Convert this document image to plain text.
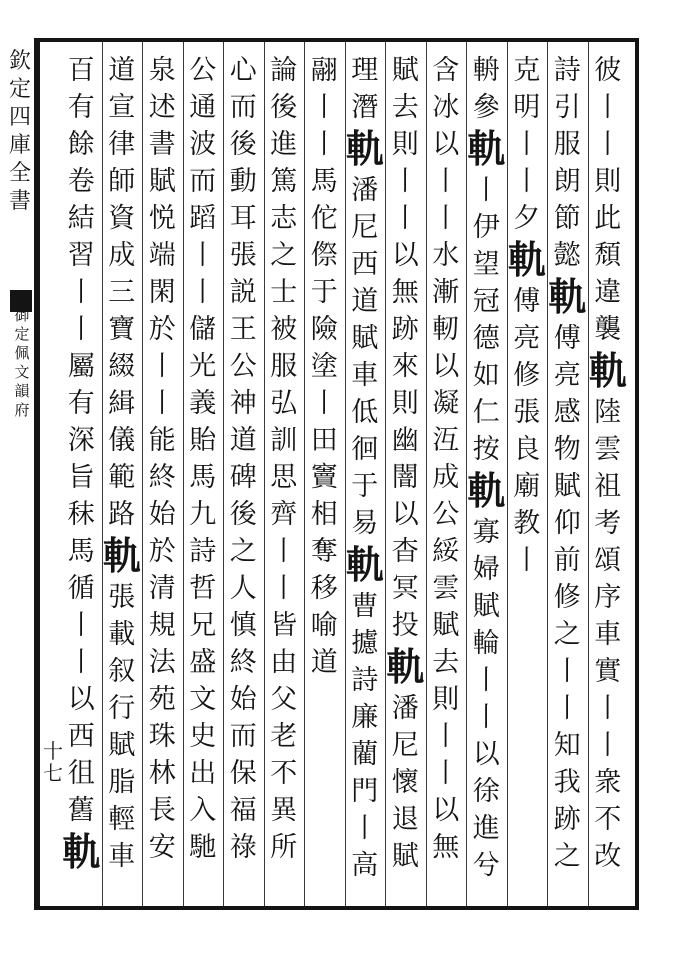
欽
定
四
庫
全
書
御
定
佩
文
韻
府
十
七
彼
丨
丨
則
此
頹
違
襲
軌
陸
雲
祖
考
頌
序
車
實
丨
丨
衆
不
改
詩
引
服
朗
節
懿
軌
傅
亮
感
物
賦
仰
前
修
之
丨
丨
知
我
跡
之
克
明
丨
丨
夕
軌
傅
亮
修
張
良
廟
教
丨
輈
參
軌
丨
伊
望
冠
德
如
仁
按
軌
寡
婦
賦
輪
丨
丨
以
徐
進
兮
含
冰
以
丨
丨
水
漸
軔
以
凝
沍
成
公
綏
雲
賦
去
則
丨
丨
以
無
賦
去
則
丨
丨
以
無
跡
來
則
幽
闇
以
杳
冥
投
軌
潘
尼
懷
退
賦
理
潛
軌
潘
尼
西
道
賦
車
低
徊
于
易
軌
曹
攄
詩
廉
藺
門
丨
高
翮
丨
丨
馬
佗
傺
于
險
塗
丨
田
竇
相
奪
移
喻
道
論
後
進
篤
志
之
士
被
服
弘
訓
思
齊
丨
丨
皆
由
父
老
不
異
所
心
而
後
動
耳
張
説
王
公
神
道
碑
後
之
人
慎
終
始
而
保
福
祿
公
通
波
而
蹈
丨
丨
儲
光
義
貽
馬
九
詩
哲
兄
盛
文
史
出
入
馳
泉
述
書
賦
悦
端
閑
於
丨
丨
能
終
始
於
清
規
法
苑
珠
林
長
安
道
宣
律
師
資
成
三
寶
綴
緝
儀
範
路
軌
張
載
叙
行
賦
脂
輕
車
百
有
餘
卷
結
習
丨
丨
屬
有
深
旨
秣
馬
循
丨
丨
以
西
徂
舊
軌
